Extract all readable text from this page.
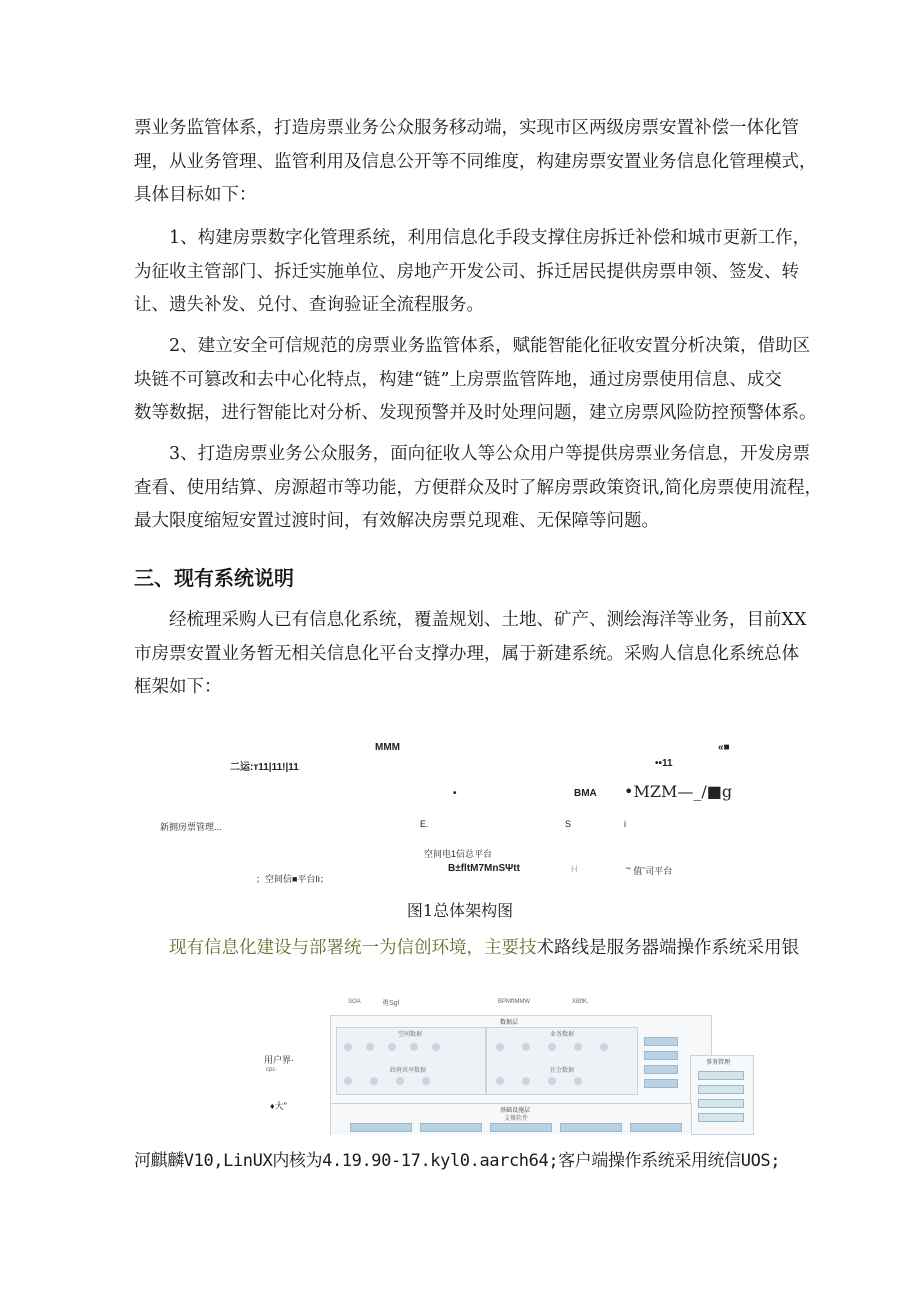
票业务监管体系，打造房票业务公众服务移动端，实现市区两级房票安置补偿一体化管
理，从业务管理、监管利用及信息公开等不同维度，构建房票安置业务信息化管理模式，
具体目标如下：
1、构建房票数字化管理系统，利用信息化手段支撑住房拆迁补偿和城市更新工作，
为征收主管部门、拆迁实施单位、房地产开发公司、拆迁居民提供房票申领、签发、转
让、遗失补发、兑付、查询验证全流程服务。
2、建立安全可信规范的房票业务监管体系，赋能智能化征收安置分析决策，借助区
块链不可篡改和去中心化特点，构建“链”上房票监管阵地，通过房票使用信息、成交
数等数据，进行智能比对分析、发现预警并及时处理问题，建立房票风险防控预警体系。
3、打造房票业务公众服务，面向征收人等公众用户等提供房票业务信息，开发房票
查看、使用结算、房源超市等功能，方便群众及时了解房票政策资讯,简化房票使用流程，
最大限度缩短安置过渡时间，有效解决房票兑现难、无保障等问题。
三、现有系统说明
经梳理采购人已有信息化系统，覆盖规划、土地、矿产、测绘海洋等业务，目前XX
市房票安置业务暂无相关信息化平台支撑办理，属于新建系统。采购人信息化系统总体
框架如下：
MMM	«■
二运:т11|11!|11	••11
•	BMA •MZM—_/■g
新拥房票管理...	E.	S	i
空间电1信总平台
B±fltM7MnSΨtt	H	˜' 值ˇ司平台
；空间信■平台Ii；
图1总体架构图
现有信息化建设与部署统一为信创环境，主要技术路线是服务器端操作系统采用银
SOA	勇Sgl	BPMftMMW	XBflK,
数据层
空间数据	业务数据
政府共享数据	社会数据
用户界·
cpc·
♦大"
事务管理
基础设施层
支撑软件
河麒麟V10,LinUX内核为4.19.90-17.kyl0.aarch64;客户端操作系统采用统信UOS;
